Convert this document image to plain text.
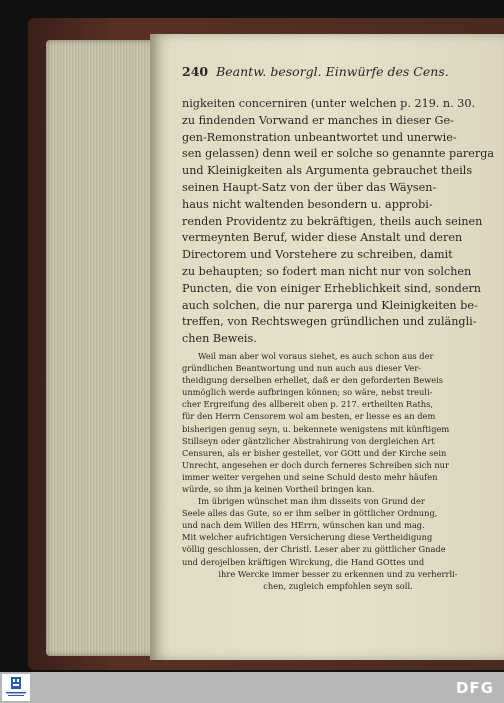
240 Beantw. besorgl. Einwürfe des Cens.
nigkeiten concerniren (unter welchen p. 219. n. 30.
zu findenden Vorwand er manches in dieser Ge-
gen-Remonstration unbeantwortet und unerwie-
sen gelassen) denn weil er solche so genannte parerga
und Kleinigkeiten als Argumenta gebrauchet theils
seinen Haupt-Satz von der über das Wäysen-
haus nicht waltenden besondern u. approbi-
renden Providentz zu bekräftigen, theils auch seinen
vermeynten Beruf, wider diese Anstalt und deren
Directorem und Vorstehere zu schreiben, damit
zu behaupten; so fodert man nicht nur von solchen
Puncten, die von einiger Erheblichkeit sind, sondern
auch solchen, die nur parerga und Kleinigkeiten be-
treffen, von Rechtswegen gründlichen und zulängli-
chen Beweis.
Weil man aber wol voraus siehet, es auch schon aus der
gründlichen Beantwortung und nun auch aus dieser Ver-
theidigung derselben erhellet, daß er den geforderten Beweis
unmöglich werde aufbringen können; so wäre, nebst treuli-
cher Ergreifung des allbereit oben p. 217. ertheilten Raths,
für den Herrn Censorem wol am besten, er liesse es an dem
bisherigen genug seyn, u. bekennete wenigstens mit künftigem
Stillseyn oder gäntzlicher Abstrahirung von dergleichen Art
Censuren, als er bisher gestellet, vor GOtt und der Kirche sein
Unrecht, angesehen er doch durch ferneres Schreiben sich nur
immer weiter vergehen und seine Schuld desto mehr häufen
würde, so ihm ja keinen Vortheil bringen kan.
Im übrigen wünschet man ihm disseits von Grund der
Seele alles das Gute, so er ihm selber in göttlicher Ordnung,
und nach dem Willen des HErrn, wünschen kan und mag.
Mit welcher aufrichtigen Versicherung diese Vertheidigung
völlig geschlossen, der Christl. Leser aber zu göttlicher Gnade
und derojelben kräftigen Wirckung, die Hand GOttes und
ihre Wercke immer besser zu erkennen und zu verherrli-
chen, zugleich empfohlen seyn soll.
DFG
